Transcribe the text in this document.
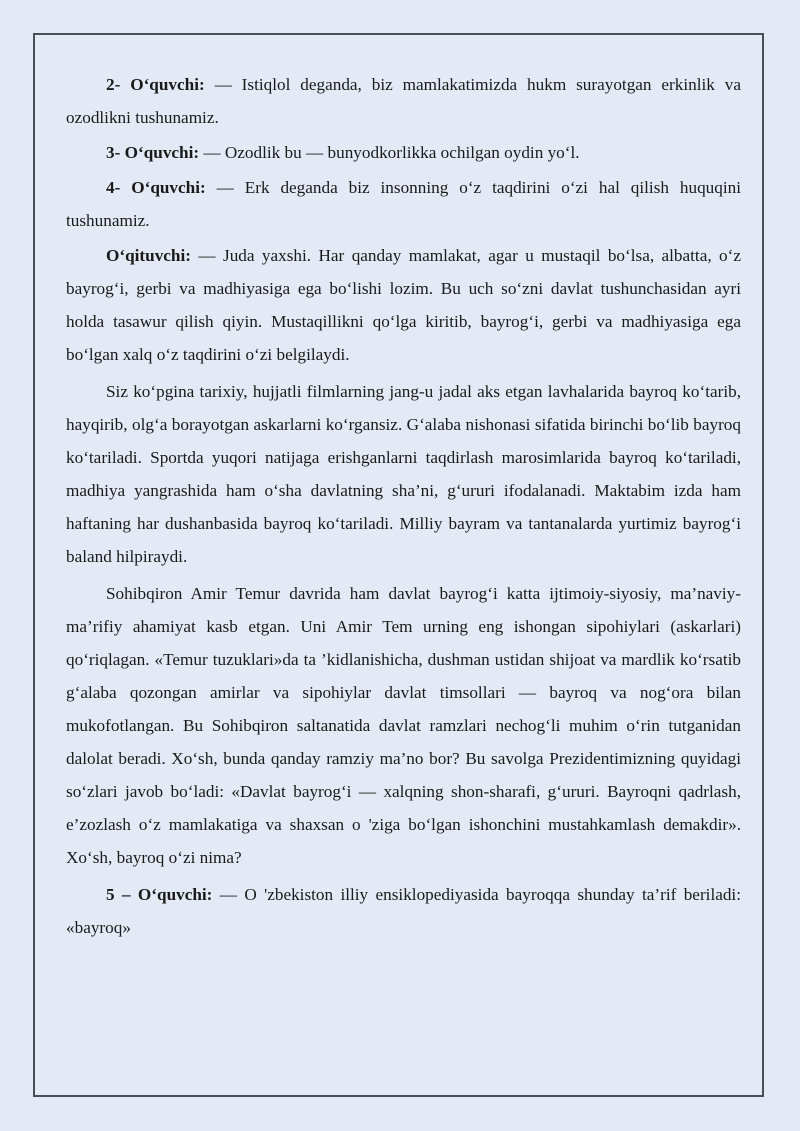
2- O‘quvchi: — Istiqlol deganda, biz mamlakatimizda hukm surayotgan erkinlik va ozodlikni tushunamiz.

3- O‘quvchi: — Ozodlik bu — bunyodkorlikka ochilgan oydin yo‘l.

4- O‘quvchi: — Erk deganda biz insonning o‘z taqdirini o‘zi hal qilish huquqini tushunamiz.

O‘qituvchi: — Juda yaxshi. Har qanday mamlakat, agar u mustaqil bo‘lsa, albatta, o‘z bayrog‘i, gerbi va madhiyasiga ega bo‘lishi lozim. Bu uch so‘zni davlat tushunchasidan ayri holda tasawur qilish qiyin. Mustaqillikni qo‘lga kiritib, bayrog‘i, gerbi va madhiyasiga ega bo‘lgan xalq o‘z taqdirini o‘zi belgilaydi.

Siz ko‘pgina tarixiy, hujjatli filmlarning jang-u jadal aks etgan lavhalarida bayroq ko‘tarib, hayqirib, olg‘a borayotgan askarlarni ko‘rgansiz. G‘alaba nishonasi sifatida birinchi bo‘lib bayroq ko‘tariladi. Sportda yuqori natijaga erishganlarni taqdirlash marosimlarida bayroq ko‘tariladi, madhiya yangrashida ham o‘sha davlatning sha’ni, g‘ururi ifodalanadi. Maktabim izda ham haftaning har dushanbasida bayroq ko‘tariladi. Milliy bayram va tantanalarda yurtimiz bayrog‘i baland hilpiraydi.

Sohibqiron Amir Temur davrida ham davlat bayrog‘i katta ijtimoiy-siyosiy, ma’naviy-ma’rifiy ahamiyat kasb etgan. Uni Amir Tem urning eng ishongan sipohiylari (askarlari) qo‘riqlagan. «Temur tuzuklari»da ta ’kidlanishicha, dushman ustidan shijoat va mardlik ko‘rsatib g‘alaba qozongan amirlar va sipohiylar davlat timsollari — bayroq va nog‘ora bilan mukofotlangan. Bu Sohibqiron saltanatida davlat ramzlari nechog‘li muhim o‘rin tutganidan dalolat beradi. Xo‘sh, bunda qanday ramziy ma’no bor? Bu savolga Prezidentimizning quyidagi so‘zlari javob bo‘ladi: «Davlat bayrog‘i — xalqning shon-sharafi, g‘ururi. Bayroqni qadrlash, e’zozlash o‘z mamlakatiga va shaxsan o 'ziga bo‘lgan ishonchini mustahkamlash demakdir». Xo‘sh, bayroq o‘zi nima?

5 – O‘quvchi: — O 'zbekiston illiy ensiklopediyasida bayroqqa shunday ta’rif beriladi: «bayroq»
